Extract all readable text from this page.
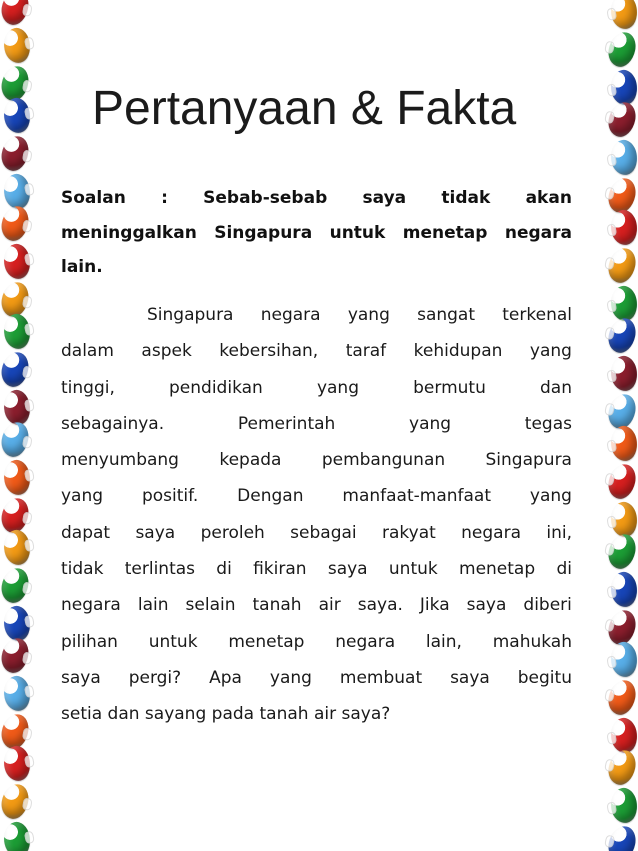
Pertanyaan & Fakta
Soalan : Sebab-sebab saya tidak akan
meninggalkan Singapura untuk menetap negara
lain.
Singapura negara yang sangat terkenal
dalam aspek kebersihan, taraf kehidupan yang
tinggi,	pendidikan	yang	bermutu	dan
sebagainya.	Pemerintah	yang	tegas
menyumbang kepada pembangunan Singapura
yang positif. Dengan manfaat-manfaat yang
dapat saya peroleh sebagai rakyat negara ini,
tidak terlintas di fikiran saya untuk menetap di
negara lain selain tanah air saya. Jika saya diberi
pilihan untuk menetap negara lain, mahukah
saya pergi? Apa yang membuat saya begitu
setia dan sayang pada tanah air saya?
